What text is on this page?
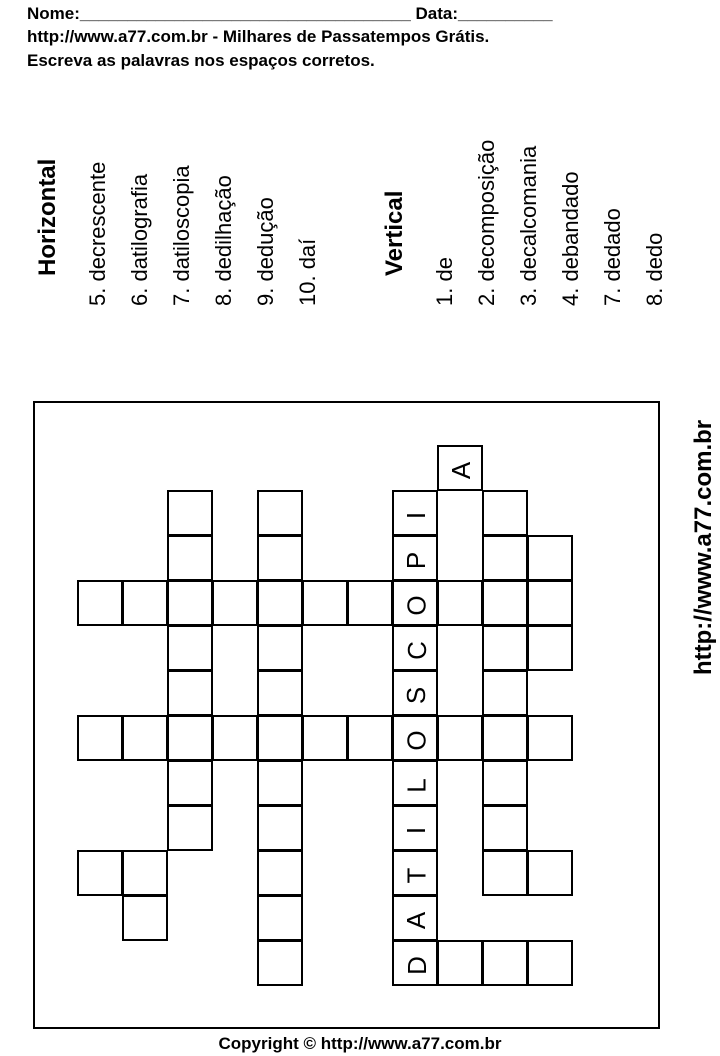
Nome:___________________________________ Data:__________
http://www.a77.com.br - Milhares de Passatempos Grátis.
Escreva as palavras nos espaços corretos.
Horizontal 5. decrescente 6. datilografia 7. datiloscopia 8. dedilhação 9. dedução 10. daí	Vertical
1. de 2. decomposição 3. decalcomania 4. debandado 7. dedado 8. dedo
A
I
P
O
C
S
O
L
I
T
A
D
http://www.a77.com.br
Copyright © http://www.a77.com.br
